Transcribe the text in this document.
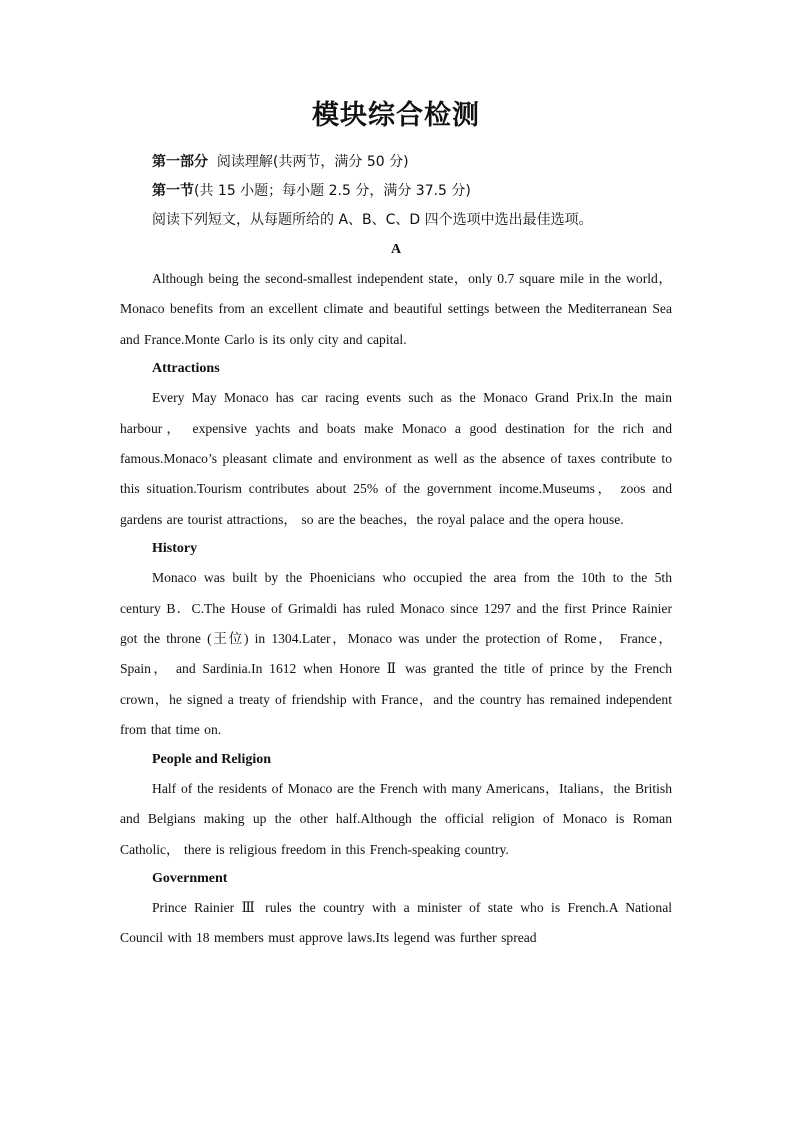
模块综合检测

第一部分 阅读理解(共两节，满分 50 分)

第一节(共 15 小题；每小题 2.5 分，满分 37.5 分)

阅读下列短文，从每题所给的 A、B、C、D 四个选项中选出最佳选项。

A

Although being the second-smallest independent state，only 0.7 square mile in the world，Monaco benefits from an excellent climate and beautiful settings between the Mediterranean Sea and France.Monte Carlo is its only city and capital.

Attractions

Every May Monaco has car racing events such as the Monaco Grand Prix.In the main harbour， expensive yachts and boats make Monaco a good destination for the rich and famous.Monaco’s pleasant climate and environment as well as the absence of taxes contribute to this situation.Tourism contributes about 25% of the government income.Museums， zoos and gardens are tourist attractions， so are the beaches，the royal palace and the opera house.

History

Monaco was built by the Phoenicians who occupied the area from the 10th to the 5th century B．C.The House of Grimaldi has ruled Monaco since 1297 and the first Prince Rainier got the throne (王位) in 1304.Later，Monaco was under the protection of Rome， France， Spain， and Sardinia.In 1612 when Honore Ⅱ was granted the title of prince by the French crown，he signed a treaty of friendship with France，and the country has remained independent from that time on.

People and Religion

Half of the residents of Monaco are the French with many Americans，Italians，the British and Belgians making up the other half.Although the official religion of Monaco is Roman Catholic， there is religious freedom in this French-speaking country.

Government

Prince Rainier Ⅲ rules the country with a minister of state who is French.A National Council with 18 members must approve laws.Its legend was further spread
